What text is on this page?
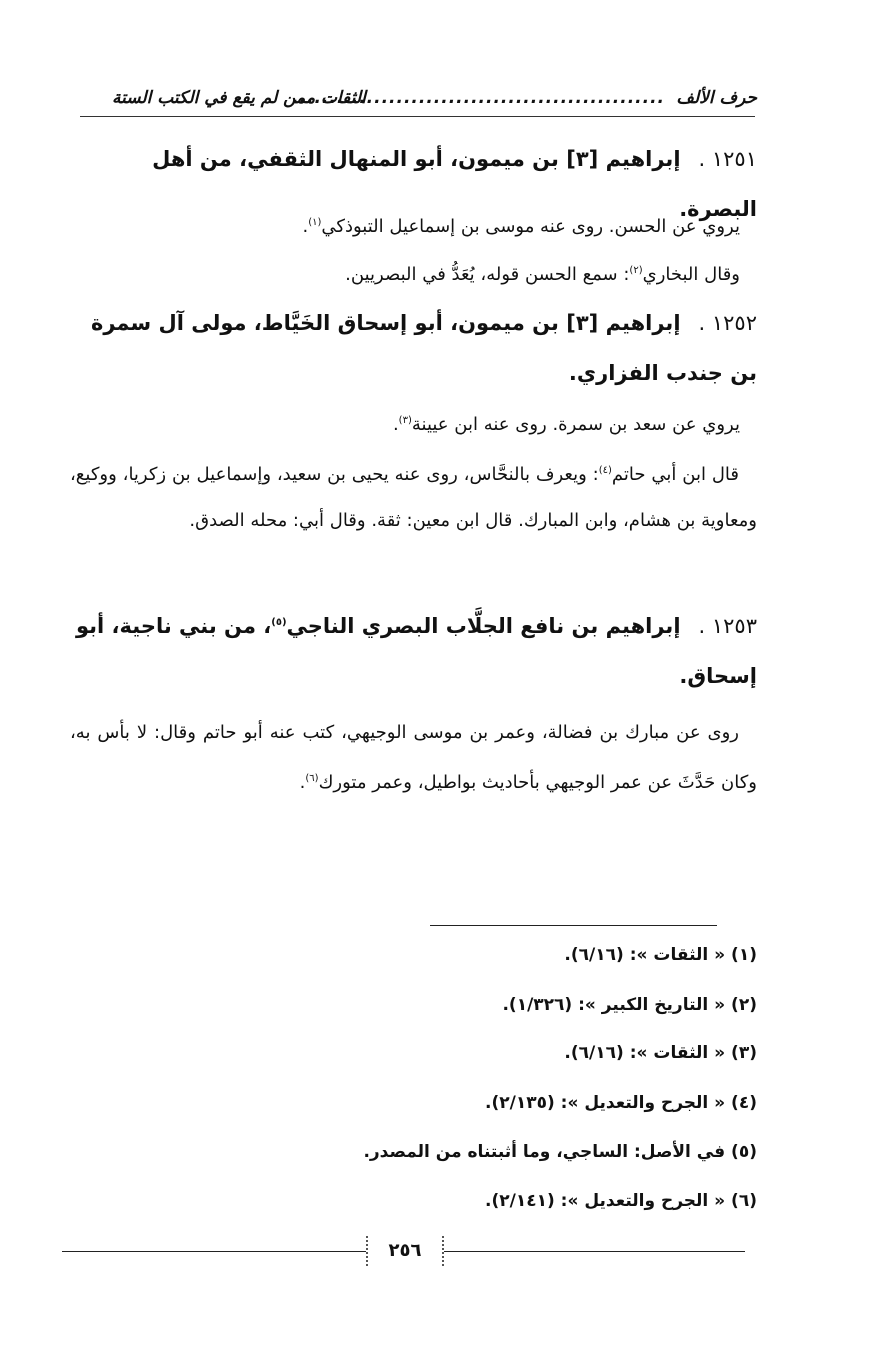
حرف الألف
..................................................
الثقات ممن لم يقع في الكتب الستة
١٢٥١ .إبراهيم [٣] بن ميمون، أبو المنهال الثقفي، من أهل البصرة.
يروي عن الحسن. روى عنه موسى بن إسماعيل التبوذكي$^{(١)}$.
وقال البخاري$^{(٢)}$: سمع الحسن قوله، يُعَدُّ في البصريين.
١٢٥٢ .إبراهيم [٣] بن ميمون، أبو إسحاق الخَيَّاط، مولى آل سمرة بن جندب الفزاري.
يروي عن سعد بن سمرة. روى عنه ابن عيينة$^{(٣)}$.
قال ابن أبي حاتم$^{(٤)}$: ويعرف بالنحَّاس، روى عنه يحيى بن سعيد، وإسماعيل بن زكريا، ووكيع، ومعاوية بن هشام، وابن المبارك. قال ابن معين: ثقة. وقال أبي: محله الصدق.
١٢٥٣ .إبراهيم بن نافع الجلَّاب البصري الناجي$^{(٥)}$، من بني ناجية، أبو إسحاق.
روى عن مبارك بن فضالة، وعمر بن موسى الوجيهي، كتب عنه أبو حاتم وقال: لا بأس به، وكان حَدَّثَ عن عمر الوجيهي بأحاديث بواطيل، وعمر متورك$^{(٦)}$.
(١) « الثقات »: (٦/١٦).
(٢) « التاريخ الكبير »: (١/٣٢٦).
(٣) « الثقات »: (٦/١٦).
(٤) « الجرح والتعديل »: (٢/١٣٥).
(٥) في الأصل: الساجي، وما أثبتناه من المصدر.
(٦) « الجرح والتعديل »: (٢/١٤١).
٢٥٦
